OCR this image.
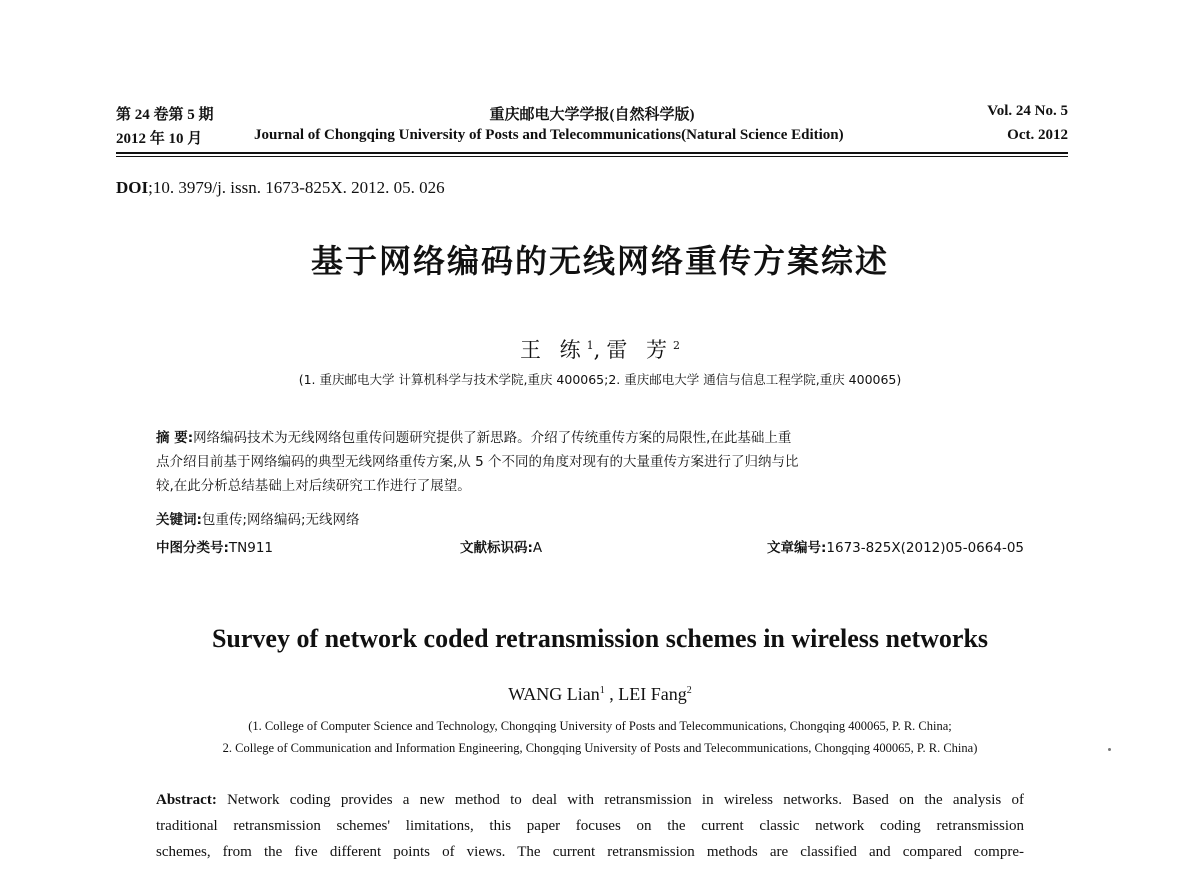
第 24 卷第 5 期	重庆邮电大学学报(自然科学版)	Vol. 24 No. 5
2012 年 10 月	Journal of Chongqing University of Posts and Telecommunications(Natural Science Edition)	Oct. 2012
DOI;10. 3979/j. issn. 1673-825X. 2012. 05. 026
基于网络编码的无线网络重传方案综述
王 练$^1$,雷 芳$^2$
(1. 重庆邮电大学 计算机科学与技术学院,重庆 400065;2. 重庆邮电大学 通信与信息工程学院,重庆 400065)
摘 要:网络编码技术为无线网络包重传问题研究提供了新思路。介绍了传统重传方案的局限性,在此基础上重
点介绍目前基于网络编码的典型无线网络重传方案,从 5 个不同的角度对现有的大量重传方案进行了归纳与比
较,在此分析总结基础上对后续研究工作进行了展望。
关键词:包重传;网络编码;无线网络
中图分类号:TN911	文献标识码:A	文章编号:1673-825X(2012)05-0664-05
Survey of network coded retransmission schemes in wireless networks
WANG Lian$^1$ , LEI Fang$^2$
(1. College of Computer Science and Technology, Chongqing University of Posts and Telecommunications, Chongqing 400065, P. R. China;
2. College of Communication and Information Engineering, Chongqing University of Posts and Telecommunications, Chongqing 400065, P. R. China)
Abstract: Network coding provides a new method to deal with retransmission in wireless networks. Based on the analysis of
traditional retransmission schemes' limitations, this paper focuses on the current classic network coding retransmission
schemes, from the five different points of views. The current retransmission methods are classified and compared compre-
